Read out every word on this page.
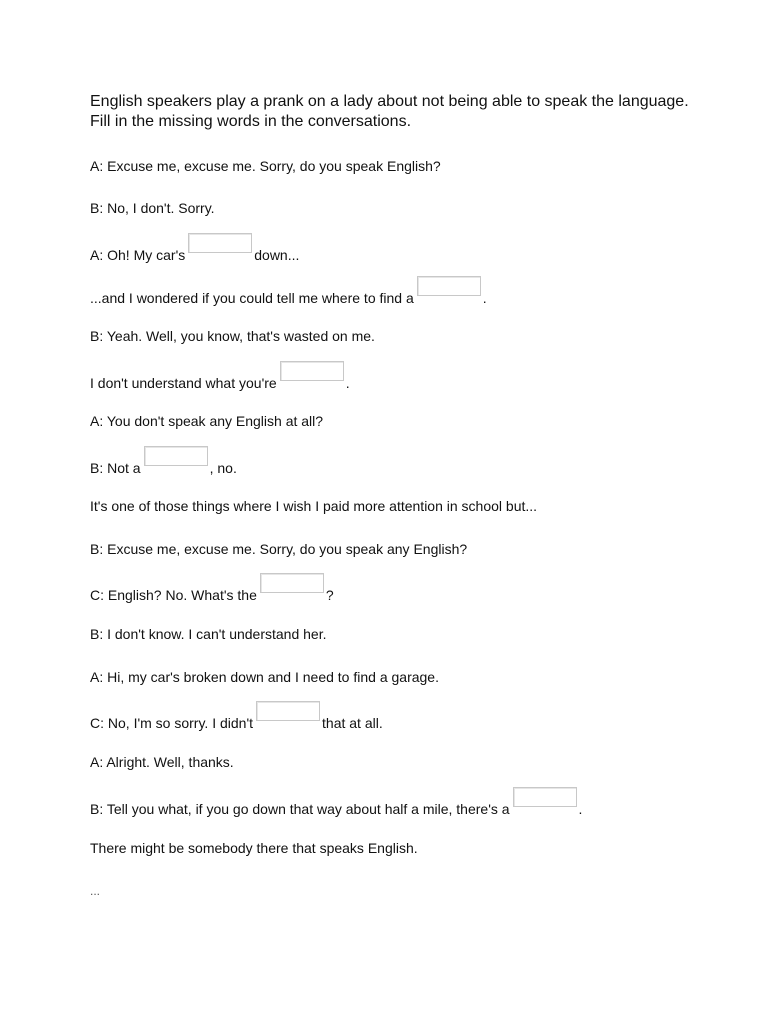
English speakers play a prank on a lady about not being able to speak the language. Fill in the missing words in the conversations.
A: Excuse me, excuse me. Sorry, do you speak English?
B: No, I don't. Sorry.
A: Oh! My car's	down...
...and I wondered if you could tell me where to find a	.
B: Yeah. Well, you know, that's wasted on me.
I don't understand what you're	.
A: You don't speak any English at all?
B: Not a	, no.
It's one of those things where I wish I paid more attention in school but...
B: Excuse me, excuse me. Sorry, do you speak any English?
C: English? No. What's the	?
B: I don't know. I can't understand her.
A: Hi, my car's broken down and I need to find a garage.
C: No, I'm so sorry. I didn't	that at all.
A: Alright. Well, thanks.
B: Tell you what, if you go down that way about half a mile, there's a	.
There might be somebody there that speaks English.
...
